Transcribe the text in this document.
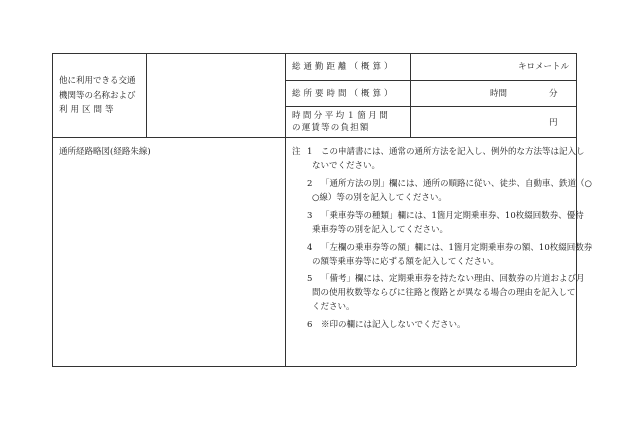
他に利用できる交通
機関等の名称および
利用区間等
総通勤距離（概算）	キロメートル
総所要時間（概算）	時間	分
時間分平均１箇月間
の運賃等の負担額	円
通所経路略図(経路朱線)	注 1 この申請書には、通常の通所方法を記入し、例外的な方法等は記入し
ないでください。
2 「通所方法の別」欄には、通所の順路に従い、徒歩、自動車、鉄道（○
○線）等の別を記入してください。
3 「乗車券等の種類」欄には、1箇月定期乗車券、10枚綴回数券、優待
乗車券等の別を記入してください。
4 「左欄の乗車券等の額」欄には、1箇月定期乗車券の額、10枚綴回数券
の額等乗車券等に応ずる額を記入してください。
5 「備考」欄には、定期乗車券を持たない理由、回数券の片道および月
間の使用枚数等ならびに往路と復路とが異なる場合の理由を記入して
ください。
6 ※印の欄には記入しないでください。
